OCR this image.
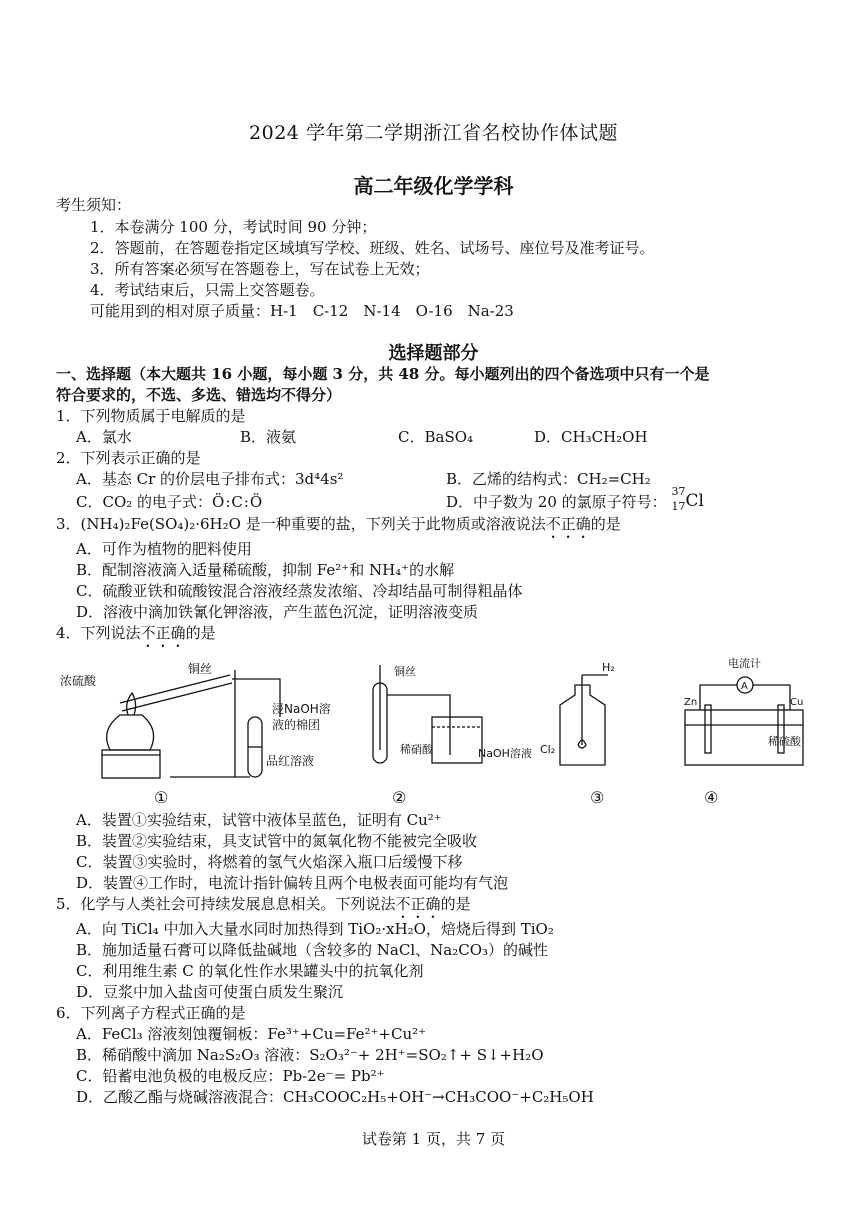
2024 学年第二学期浙江省名校协作体试题
高二年级化学学科
考生须知：
1．本卷满分 100 分，考试时间 90 分钟；
2．答题前，在答题卷指定区域填写学校、班级、姓名、试场号、座位号及准考证号。
3．所有答案必须写在答题卷上，写在试卷上无效；
4．考试结束后，只需上交答题卷。
可能用到的相对原子质量：H-1　C-12　N-14　O-16　Na-23
选择题部分
一、选择题（本大题共 16 小题，每小题 3 分，共 48 分。每小题列出的四个备选项中只有一个是
符合要求的，不选、多选、错选均不得分）
1．下列物质属于电解质的是
A．氯水	B．液氨	C．BaSO₄	D．CH₃CH₂OH
2．下列表示正确的是
A．基态 Cr 的价层电子排布式：3d⁴4s²	B．乙烯的结构式：CH₂=CH₂
C．CO₂ 的电子式：Ö:C:Ö	D．中子数为 20 的氯原子符号：
37
17 Cl
3．(NH₄)₂Fe(SO₄)₂·6H₂O 是一种重要的盐，下列关于此物质或溶液说法不正确的是
A．可作为植物的肥料使用
B．配制溶液滴入适量稀硫酸，抑制 Fe²⁺和 NH₄⁺的水解
C．硫酸亚铁和硫酸铵混合溶液经蒸发浓缩、冷却结晶可制得粗晶体
D．溶液中滴加铁氰化钾溶液，产生蓝色沉淀，证明溶液变质
4．下列说法不正确的是
浓硫酸
铜丝
浸NaOH溶
液的棉团
品红溶液
铜丝
稀硝酸	NaOH溶液
H₂
Cl₂
A
电流计
Zn	Cu
稀硫酸
①	②	③	④
A．装置①实验结束，试管中液体呈蓝色，证明有 Cu²⁺
B．装置②实验结束，具支试管中的氮氧化物不能被完全吸收
C．装置③实验时，将燃着的氢气火焰深入瓶口后缓慢下移
D．装置④工作时，电流计指针偏转且两个电极表面可能均有气泡
5．化学与人类社会可持续发展息息相关。下列说法不正确的是
A．向 TiCl₄ 中加入大量水同时加热得到 TiO₂·xH₂O，焙烧后得到 TiO₂
B．施加适量石膏可以降低盐碱地（含较多的 NaCl、Na₂CO₃）的碱性
C．利用维生素 C 的氧化性作水果罐头中的抗氧化剂
D．豆浆中加入盐卤可使蛋白质发生聚沉
6．下列离子方程式正确的是
A．FeCl₃ 溶液刻蚀覆铜板：Fe³⁺+Cu=Fe²⁺+Cu²⁺
B．稀硝酸中滴加 Na₂S₂O₃ 溶液：S₂O₃²⁻+ 2H⁺=SO₂↑+ S↓+H₂O
C．铅蓄电池负极的电极反应：Pb-2e⁻= Pb²⁺
D．乙酸乙酯与烧碱溶液混合：CH₃COOC₂H₅+OH⁻→CH₃COO⁻+C₂H₅OH
试卷第 1 页，共 7 页
